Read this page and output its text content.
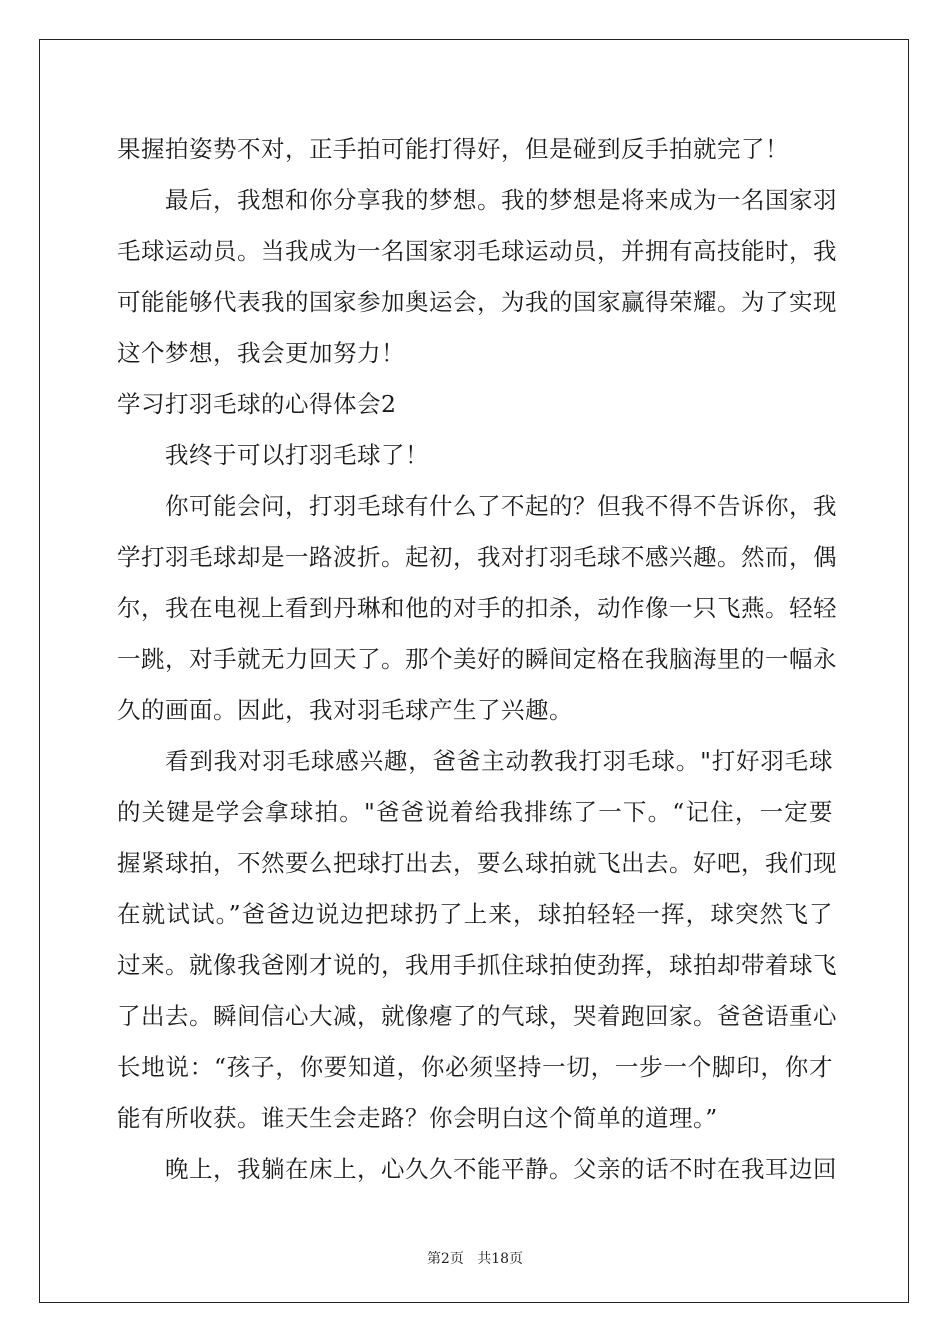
果握拍姿势不对，正手拍可能打得好，但是碰到反手拍就完了！
最后，我想和你分享我的梦想。我的梦想是将来成为一名国家羽
毛球运动员。当我成为一名国家羽毛球运动员，并拥有高技能时，我
可能能够代表我的国家参加奥运会，为我的国家赢得荣耀。为了实现
这个梦想，我会更加努力！
学习打羽毛球的心得体会2
我终于可以打羽毛球了！
你可能会问，打羽毛球有什么了不起的？但我不得不告诉你，我
学打羽毛球却是一路波折。起初，我对打羽毛球不感兴趣。然而，偶
尔，我在电视上看到丹琳和他的对手的扣杀，动作像一只飞燕。轻轻
一跳，对手就无力回天了。那个美好的瞬间定格在我脑海里的一幅永
久的画面。因此，我对羽毛球产生了兴趣。
看到我对羽毛球感兴趣，爸爸主动教我打羽毛球。"打好羽毛球
的关键是学会拿球拍。"爸爸说着给我排练了一下。“记住，一定要
握紧球拍，不然要么把球打出去，要么球拍就飞出去。好吧，我们现
在就试试。”爸爸边说边把球扔了上来，球拍轻轻一挥，球突然飞了
过来。就像我爸刚才说的，我用手抓住球拍使劲挥，球拍却带着球飞
了出去。瞬间信心大减，就像瘪了的气球，哭着跑回家。爸爸语重心
长地说：“孩子，你要知道，你必须坚持一切，一步一个脚印，你才
能有所收获。谁天生会走路？你会明白这个简单的道理。”
晚上，我躺在床上，心久久不能平静。父亲的话不时在我耳边回
第2页 共18页
